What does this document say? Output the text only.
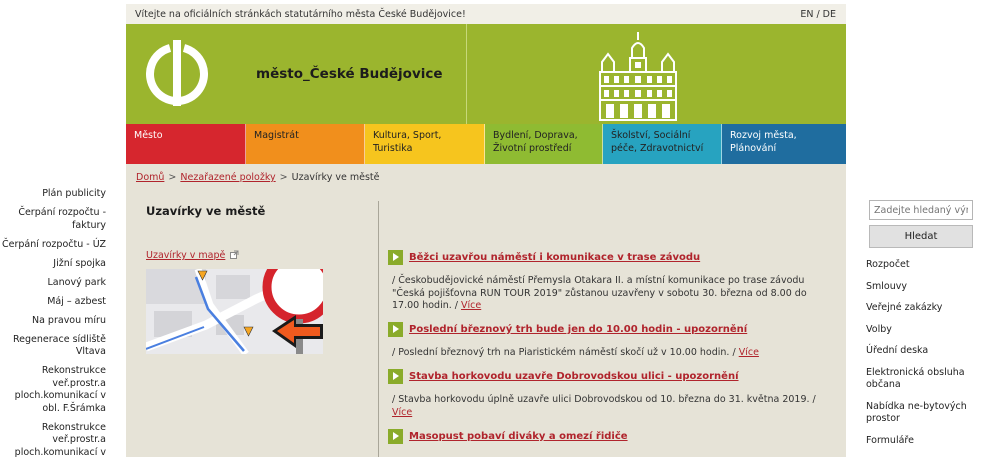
Vítejte na oficiálních stránkách statutárního města České Budějovice!	EN / DE
město_České Budějovice
Město	Magistrát	Kultura, Sport, Turistika
Bydlení, Doprava, Životní prostředí
Školství, Sociální péče, Zdravotnictví
Rozvoj města, Plánování
Domů > Nezařazené položky > Uzavírky ve městě
Uzavírky ve městě
Uzavírky v mapě	Běžci uzavřou náměstí i komunikace v trase závodu
/ Českobudějovické náměstí Přemysla Otakara II. a místní komunikace po trase závodu "Česká pojišťovna RUN TOUR 2019" zůstanou uzavřeny v sobotu 30. března od 8.00 do 17.00 hodin. / Více
Poslední březnový trh bude jen do 10.00 hodin - upozornění
/ Poslední březnový trh na Piaristickém náměstí skočí už v 10.00 hodin. / Více
Stavba horkovodu uzavře Dobrovodskou ulici - upozornění
/ Stavba horkovodu úplně uzavře ulici Dobrovodskou od 10. března do 31. května 2019. / Více
Masopust pobaví diváky a omezí řidiče
Plán publicity
Čerpání rozpočtu - faktury
Čerpání rozpočtu - ÚZ
Jižní spojka
Lanový park
Máj – azbest
Na pravou míru
Regenerace sídliště Vltava
Rekonstrukce veř.prostr.a ploch.komunikací v obl. F.Šrámka
Rekonstrukce veř.prostr.a ploch.komunikací v
Zadejte hledaný výraz
Hledat
Rozpočet
Smlouvy
Veřejné zakázky
Volby
Úřední deska
Elektronická obsluha občana
Nabídka ne-bytových prostor
Formuláře
